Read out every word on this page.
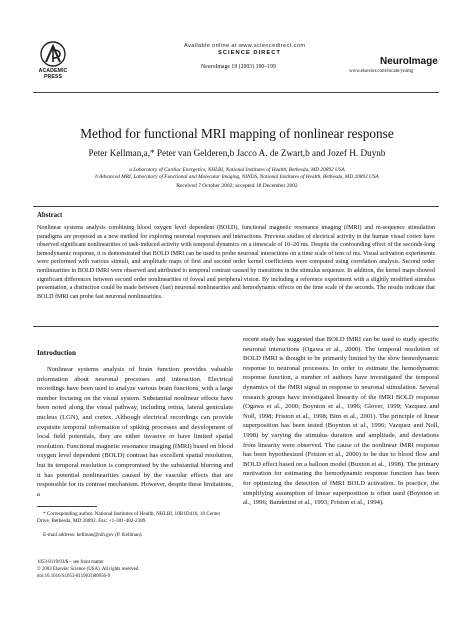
ACADEMIC
PRESS
Available online at www.sciencedirect.com
SCIENCE DIRECT
NeuroImage 19 (2003) 190–199	NeuroImage
www.elsevier.com/locate/ynimg
Method for functional MRI mapping of nonlinear response
Peter Kellman,a,* Peter van Gelderen,b Jacco A. de Zwart,b and Jozef H. Duynb
a Laboratory of Cardiac Energetics, NHLBI, National Institutes of Health, Bethesda, MD 20892 USA
b Advanced MRI, Laboratory of Functional and Molecular Imaging, NINDS, National Institutes of Health, Bethesda, MD 20892 USA
Received 7 October 2002; accepted 18 December 2002
Abstract
Nonlinear systems analysis combining blood oxygen level dependent (BOLD), functional magnetic resonance imaging (fMRI) and m-sequence stimulation paradigms are proposed as a new method for exploring neuronal responses and interactions. Previous studies of electrical activity in the human visual cortex have observed significant nonlinearities of task-induced activity with temporal dynamics on a timescale of 10–20 ms. Despite the confounding effect of the seconds-long hemodynamic response, it is demonstrated that BOLD fMRI can be used to probe neuronal interactions on a time scale of tens of ms. Visual activation experiments were performed with various stimuli, and amplitude maps of first and second order kernel coefficients were computed using correlation analysis. Second order nonlinearities in BOLD fMRI were observed and attributed to temporal contrast caused by transitions in the stimulus sequence. In addition, the kernel maps showed significant differences between second order nonlinearities of foveal and peripheral vision. By including a reference experiment with a slightly modified stimulus presentation, a distinction could be made between (fast) neuronal nonlinearities and hemodynamic effects on the time scale of the seconds. The results indicate that BOLD fMRI can probe fast neuronal nonlinearities.
Introduction

Nonlinear systems analysis of brain function provides valuable information about neuronal processes and interaction. Electrical recordings have been used to analyze various brain functions, with a large number focusing on the visual system. Substantial nonlinear effects have been noted along the visual pathway, including retina, lateral geniculate nucleus (LGN), and cortex. Although electrical recordings can provide exquisite temporal information of spiking processes and development of local field potentials, they are either invasive or have limited spatial resolution. Functional magnetic resonance imaging (fMRI) based on blood oxygen level dependent (BOLD) contrast has excellent spatial resolution, but its temporal resolution is compromised by the substantial blurring and it has potential nonlinearities caused by the vascular effects that are responsible for its contrast mechanism. However, despite these limitations, a

recent study has suggested that BOLD fMRI can be used to study specific neuronal interactions (Ogawa et al., 2000). The temporal resolution of BOLD fMRI is thought to be primarily limited by the slow hemodynamic response to neuronal processes. In order to estimate the hemodynamic response function, a number of authors have investigated the temporal dynamics of the fMRI signal in response to neuronal stimulation. Several research groups have investigated linearity of the fMRI BOLD response (Ogawa et al., 2000; Boynton et al., 1996; Glover, 1999; Vazquez and Noll, 1998; Friston et al., 1998; Birn et al., 2001). The principle of linear superposition has been tested (Boynton et al., 1996; Vazquez and Noll, 1998) by varying the stimulus duration and amplitude, and deviations from linearity were observed. The cause of the nonlinear fMRI response has been hypothesized (Friston et al., 2000) to be due to blood flow and BOLD effect based on a balloon model (Buxton et al., 1998). The primary motivation for estimating the hemodynamic response function has been for optimizing the detection of fMRI BOLD activation. In practice, the simplifying assumption of linear superposition is often used (Boynton et al., 1996; Bandettini et al., 1993; Friston et al., 1994).

* Corresponding author. National Institutes of Health, NHLBI, 10B1D416, 10 Center Drive, Bethesda, MD 20892. Fax: +1-301-402-2389.
E-mail address: kellman@nih.gov (P. Kellman).
1053-8119/03/$ – see front matter
© 2003 Elsevier Science (USA). All rights reserved.
doi:10.1016/S1053-8119(03)00056-9
